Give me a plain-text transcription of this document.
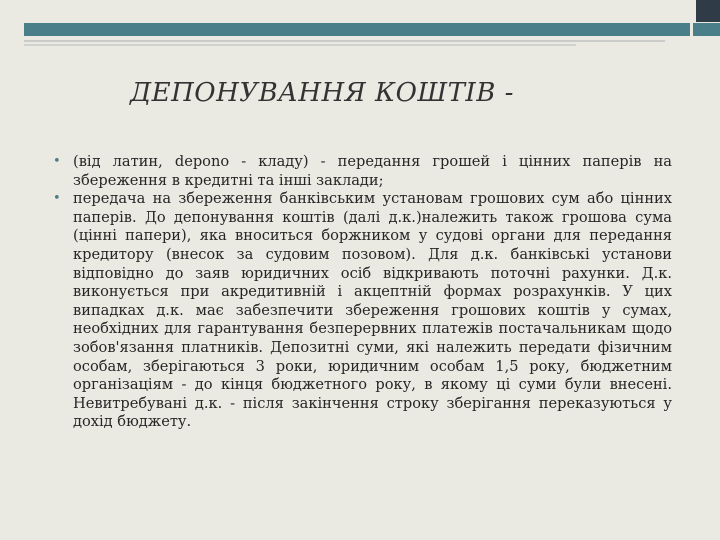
ДЕПОНУВАННЯ КОШТІВ -
• (від латин, depono - кладу) - передання грошей і цінних паперів на збереження в кредитні та інші заклади;
• передача на збереження банківським установам грошових сум або цінних паперів. До депонування коштів (далі д.к.)належить також грошова сума (цінні папери), яка вноситься боржником у судові органи для передання кредитору (внесок за судовим позовом). Для д.к. банківські установи відповідно до заяв юридичних осіб відкривають поточні рахунки. Д.к. виконується при акредитивній і акцептній формах розрахунків. У цих випадках д.к. має забезпечити збереження грошових коштів у сумах, необхідних для гарантування безперервних платежів постачальникам щодо зобов'язання платників. Депозитні суми, які належить передати фізичним особам, зберігаються 3 роки, юридичним особам 1,5 року, бюджетним організаціям - до кінця бюджетного року, в якому ці суми були внесені. Невитребувані д.к. - після закінчення строку зберігання переказуються у дохід бюджету.
